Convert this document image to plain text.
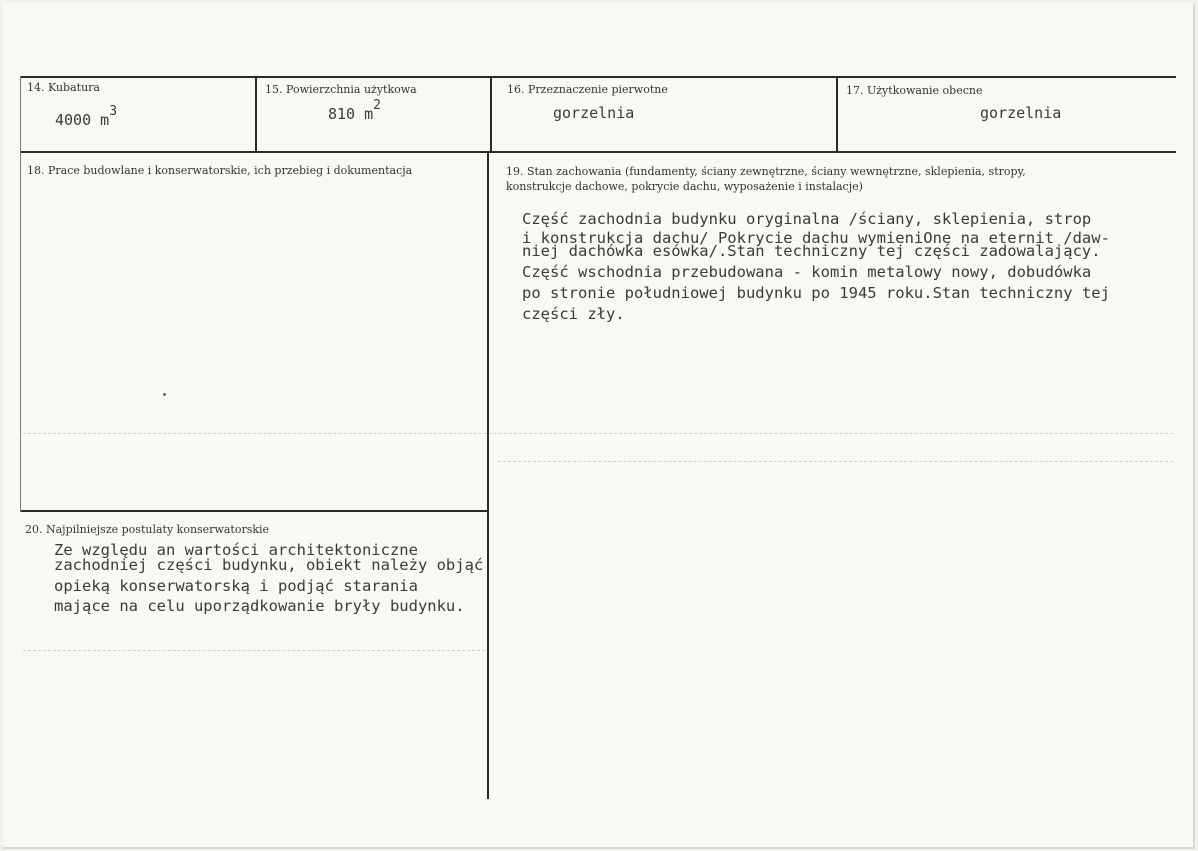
14. Kubatura
4000 m3
15. Powierzchnia użytkowa
810 m2
16. Przeznaczenie pierwotne
gorzelnia
17. Użytkowanie obecne
gorzelnia
18. Prace budowlane i konserwatorskie, ich przebieg i dokumentacja	19. Stan zachowania (fundamenty, ściany zewnętrzne, ściany wewnętrzne, sklepienia, stropy,
konstrukcje dachowe, pokrycie dachu, wyposażenie i instalacje)
Część zachodnia budynku oryginalna /ściany, sklepienia, strop
i konstrukcja dachu/ Pokrycie dachu wymieniOne na eternit /daw-
niej dachówka esówka/.Stan techniczny tej części zadowalający.
Część wschodnia przebudowana - komin metalowy nowy, dobudówka
po stronie południowej budynku po 1945 roku.Stan techniczny tej
części zły.
20. Najpilniejsze postulaty konserwatorskie
Ze względu an wartości architektoniczne
zachodniej części budynku, obiekt należy objąć
opieką konserwatorską i podjąć starania
mające na celu uporządkowanie bryły budynku.
